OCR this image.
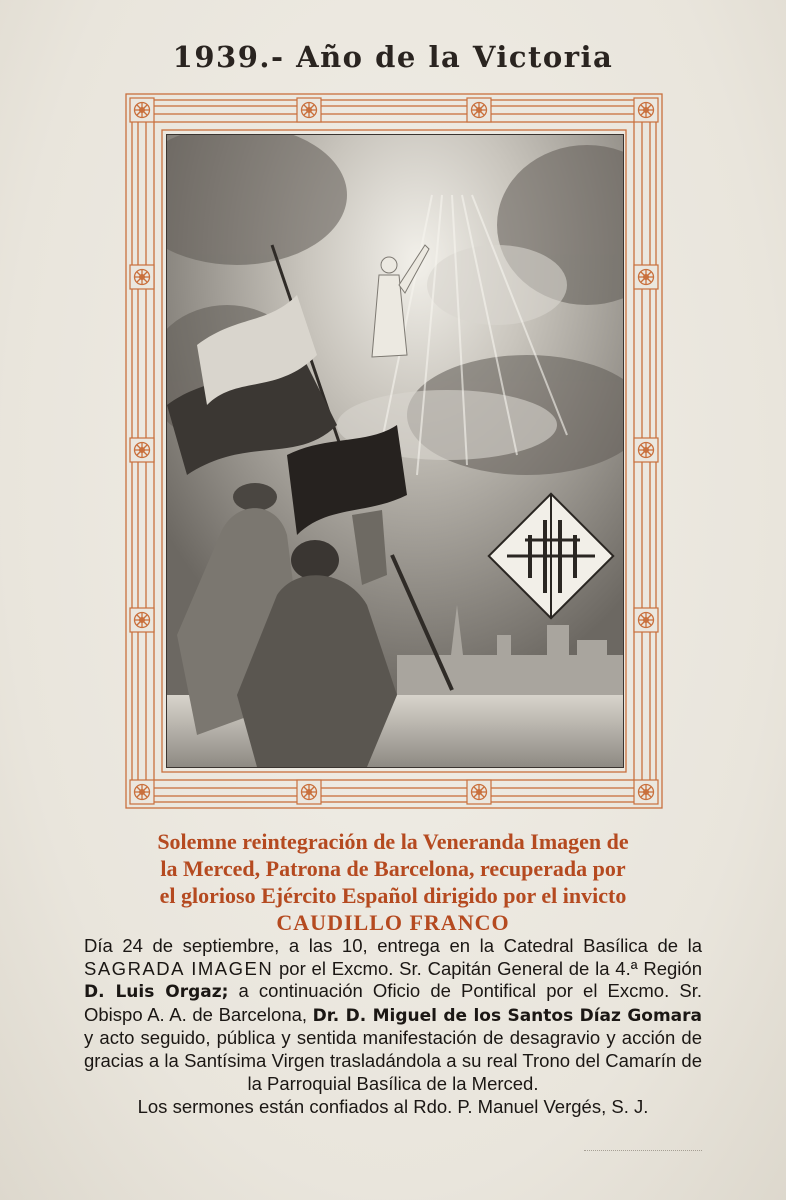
1939.- Año de la Victoria
Solemne reintegración de la Veneranda Imagen de
la Merced, Patrona de Barcelona, recuperada por
el glorioso Ejército Español dirigido por el invicto
CAUDILLO FRANCO
Día 24 de septiembre, a las 10, entrega en la Catedral Basílica de la SAGRADA IMAGEN por el Excmo. Sr. Capitán General de la 4.ª Región D. Luis Orgaz; a continuación Oficio de Pontifical por el Excmo. Sr. Obispo A. A. de Barcelona, Dr. D. Miguel de los Santos Díaz Gomara y acto seguido, pública y sentida manifestación de desagravio y acción de gracias a la Santísima Virgen trasladándola a su real Trono del Camarín de la Parroquial Basílica de la Merced.
Los sermones están confiados al Rdo. P. Manuel Vergés, S. J.
